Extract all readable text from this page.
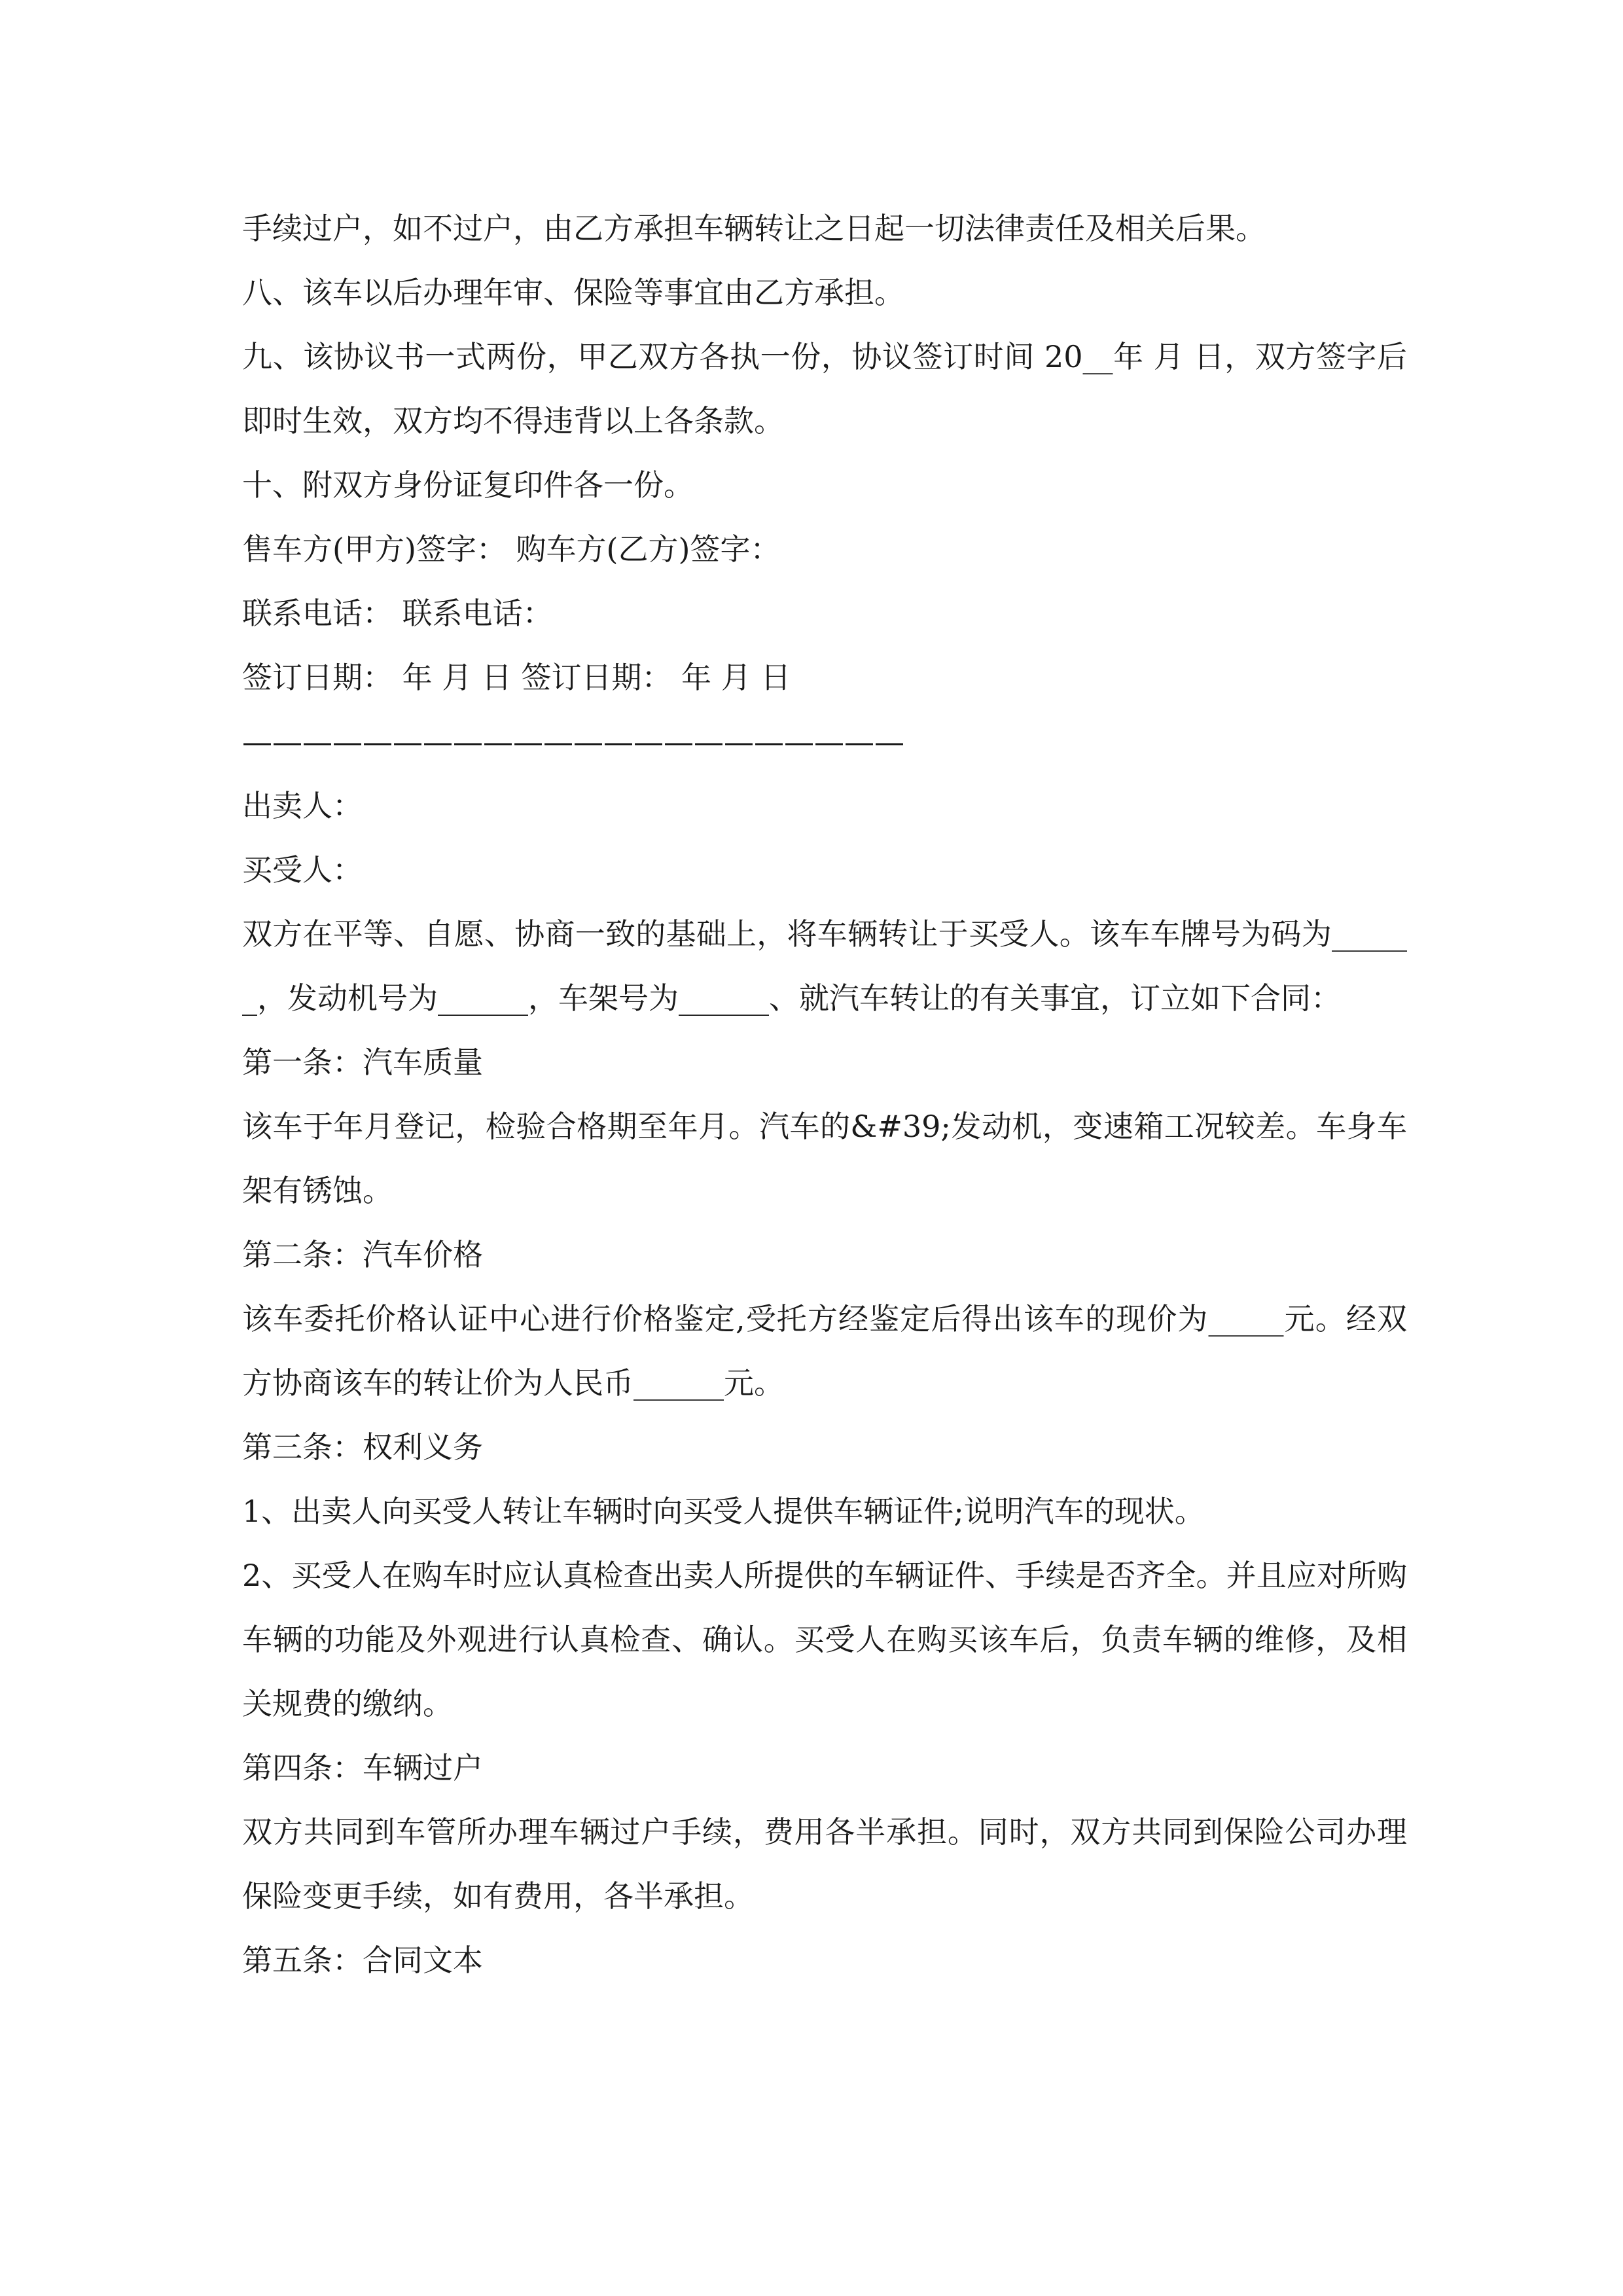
手续过户，如不过户，由乙方承担车辆转让之日起一切法律责任及相关后果。

八、该车以后办理年审、保险等事宜由乙方承担。

九、该协议书一式两份，甲乙双方各执一份，协议签订时间 20__年 月 日，双方签字后即时生效，双方均不得违背以上各条款。

十、附双方身份证复印件各一份。

售车方(甲方)签字： 购车方(乙方)签字：

联系电话： 联系电话：

签订日期： 年 月 日 签订日期： 年 月 日

——————————————————————

出卖人：

买受人：

双方在平等、自愿、协商一致的基础上，将车辆转让于买受人。该车车牌号为码为______，发动机号为______，车架号为______、就汽车转让的有关事宜，订立如下合同：

第一条：汽车质量

该车于年月登记，检验合格期至年月。汽车的&#39;发动机，变速箱工况较差。车身车架有锈蚀。

第二条：汽车价格

该车委托价格认证中心进行价格鉴定,受托方经鉴定后得出该车的现价为_____元。经双方协商该车的转让价为人民币______元。

第三条：权利义务

1、出卖人向买受人转让车辆时向买受人提供车辆证件;说明汽车的现状。

2、买受人在购车时应认真检查出卖人所提供的车辆证件、手续是否齐全。并且应对所购车辆的功能及外观进行认真检查、确认。买受人在购买该车后，负责车辆的维修，及相关规费的缴纳。

第四条：车辆过户

双方共同到车管所办理车辆过户手续，费用各半承担。同时，双方共同到保险公司办理保险变更手续，如有费用，各半承担。

第五条：合同文本
